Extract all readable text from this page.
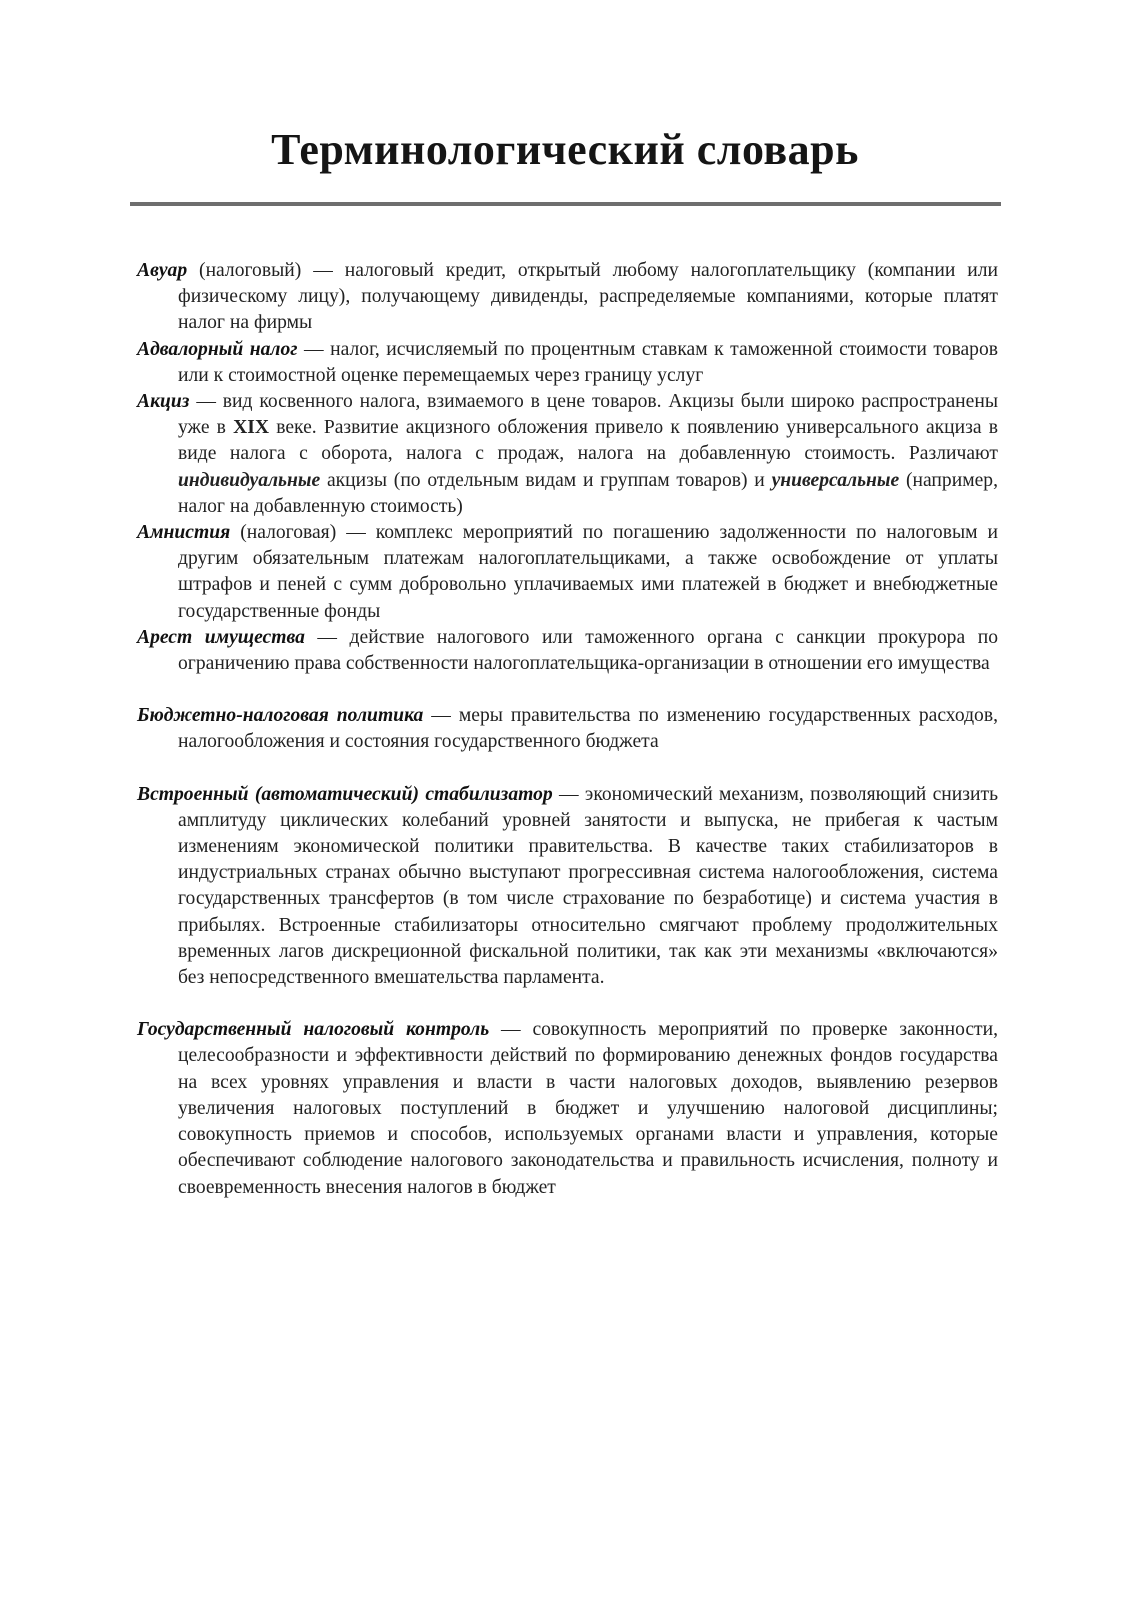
Терминологический словарь

Авуар (налоговый) — налоговый кредит, открытый любому налогоплательщику (компании или физическому лицу), получающему дивиденды, распределяемые компаниями, которые платят налог на фирмы

Адвалорный налог — налог, исчисляемый по процентным ставкам к таможенной стоимости товаров или к стоимостной оценке перемещаемых через границу услуг

Акциз — вид косвенного налога, взимаемого в цене товаров. Акцизы были широко распространены уже в XIX веке. Развитие акцизного обложения привело к появлению универсального акциза в виде налога с оборота, налога с продаж, налога на добавленную стоимость. Различают индивидуальные акцизы (по отдельным видам и группам товаров) и универсальные (например, налог на добавленную стоимость)

Амнистия (налоговая) — комплекс мероприятий по погашению задолженности по налоговым и другим обязательным платежам налогоплательщиками, а также освобождение от уплаты штрафов и пеней с сумм добровольно уплачиваемых ими платежей в бюджет и внебюджетные государственные фонды

Арест имущества — действие налогового или таможенного органа с санкции прокурора по ограничению права собственности налогоплательщика-организации в отношении его имущества

Бюджетно-налоговая политика — меры правительства по изменению государственных расходов, налогообложения и состояния государственного бюджета

Встроенный (автоматический) стабилизатор — экономический механизм, позволяющий снизить амплитуду циклических колебаний уровней занятости и выпуска, не прибегая к частым изменениям экономической политики правительства. В качестве таких стабилизаторов в индустриальных странах обычно выступают прогрессивная система налогообложения, система государственных трансфертов (в том числе страхование по безработице) и система участия в прибылях. Встроенные стабилизаторы относительно смягчают проблему продолжительных временных лагов дискреционной фискальной политики, так как эти механизмы «включаются» без непосредственного вмешательства парламента.

Государственный налоговый контроль — совокупность мероприятий по проверке законности, целесообразности и эффективности действий по формированию денежных фондов государства на всех уровнях управления и власти в части налоговых доходов, выявлению резервов увеличения налоговых поступлений в бюджет и улучшению налоговой дисциплины; совокупность приемов и способов, используемых органами власти и управления, которые обеспечивают соблюдение налогового законодательства и правильность исчисления, полноту и своевременность внесения налогов в бюджет
